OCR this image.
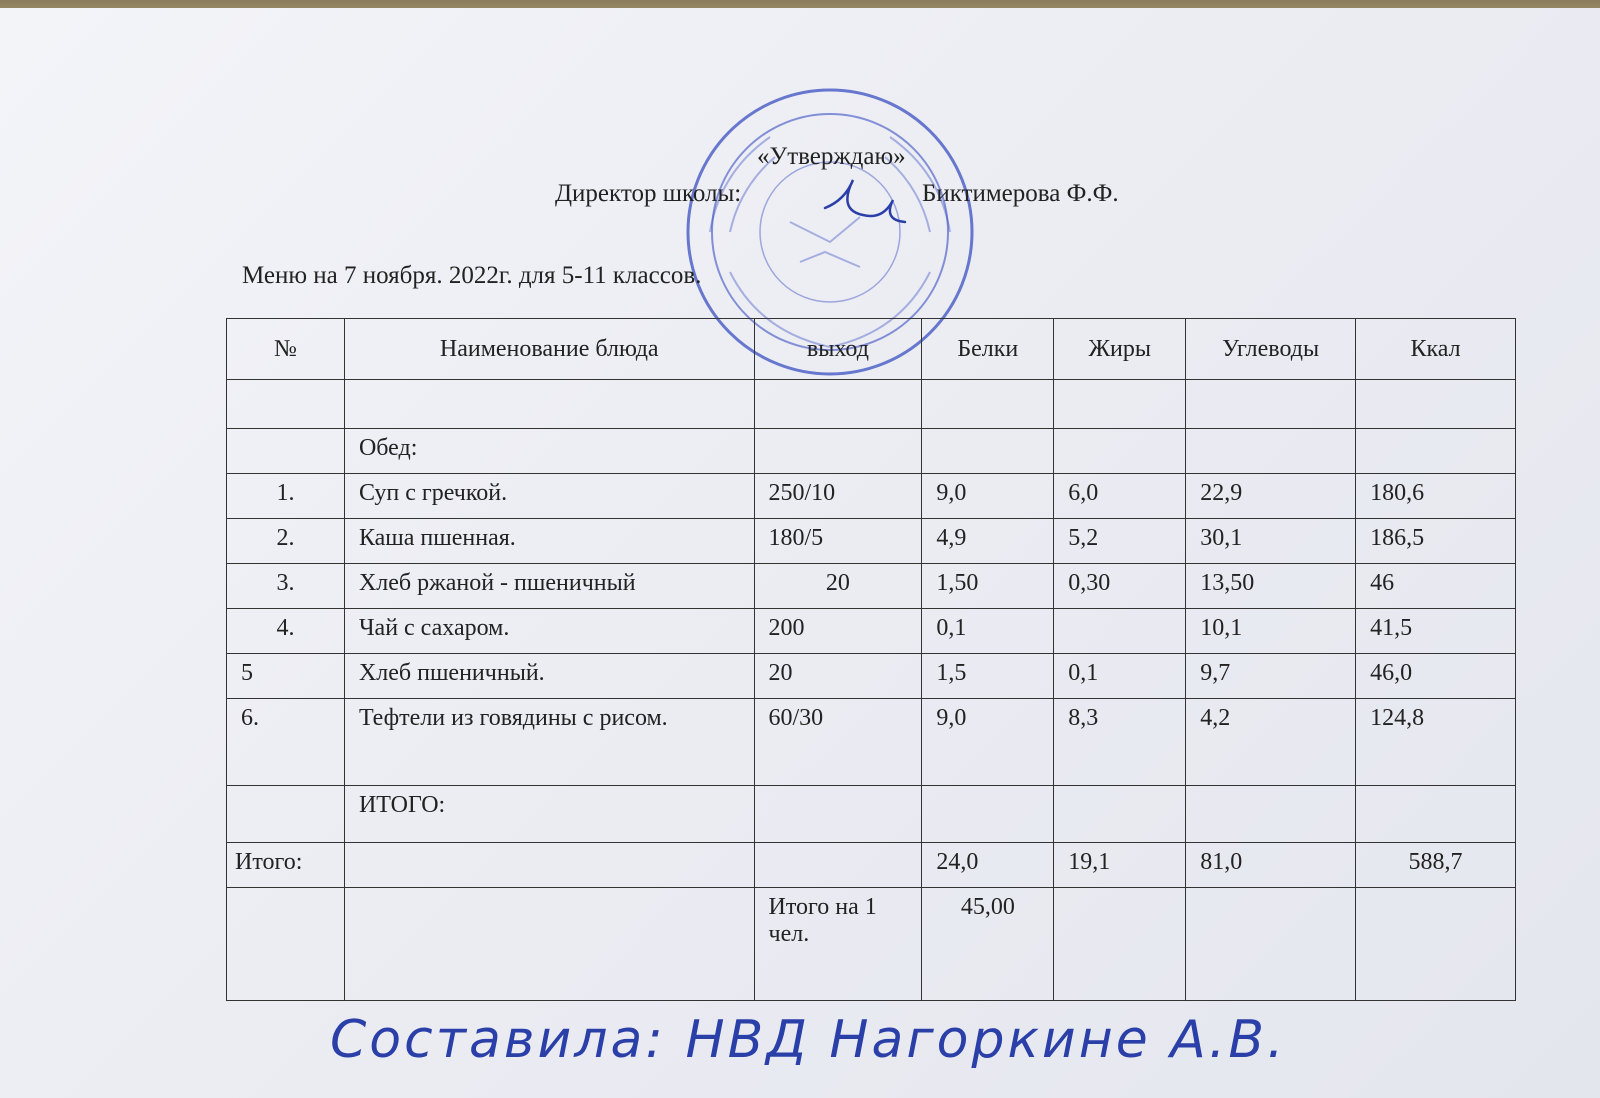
«Утверждаю»
Директор школы:	Биктимерова Ф.Ф.
Меню на 7 ноября. 2022г. для 5-11 классов.
№	Наименование блюда	выход	Белки	Жиры	Углеводы	Ккал

	Обед:					
1.	Суп с гречкой.	250/10	9,0	6,0	22,9	180,6
2.	Каша пшенная.	180/5	4,9	5,2	30,1	186,5
3.	Хлеб ржаной - пшеничный	20	1,50	0,30	13,50	46
4.	Чай с сахаром.	200	0,1		10,1	41,5
5	Хлеб пшеничный.	20	1,5	0,1	9,7	46,0
6.	Тефтели из говядины с рисом.	60/30	9,0	8,3	4,2	124,8
	ИТОГО:					
Итого:			24,0	19,1	81,0	588,7
		Итого на 1 чел.	45,00			
Составила: НВД Нагоркине А.В.
